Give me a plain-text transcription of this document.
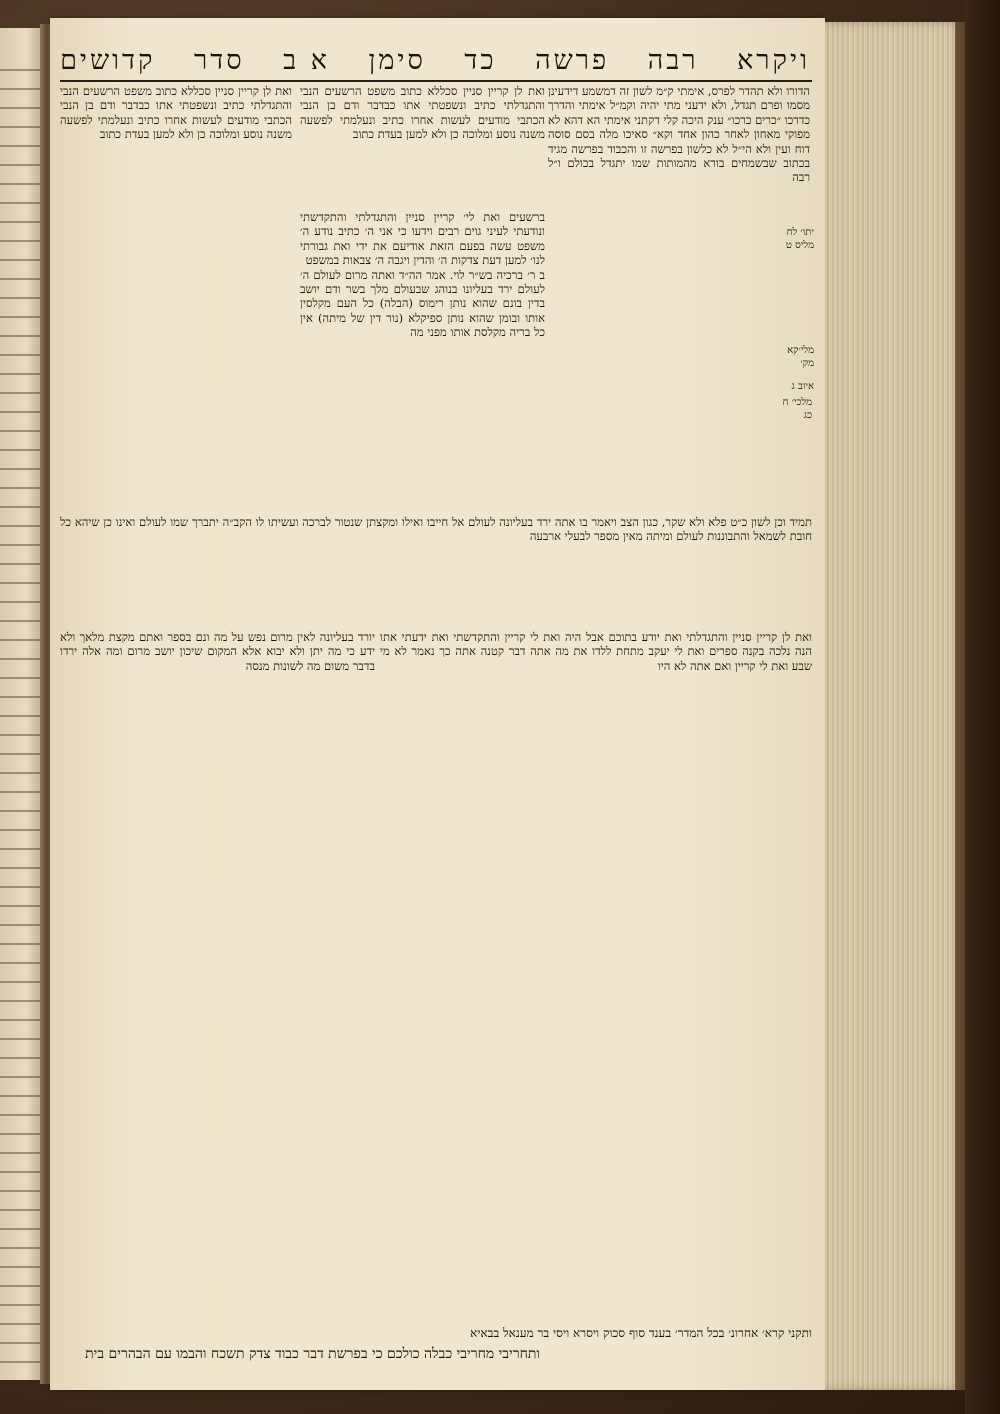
ויקרא
רבה
פרשה
כד
סימן
א ב
סדר
קדושים

הדורו ולא תהדר לפרס, אימתי ק״מ לשון זה דמשמע דידעינן מסמו ופרם תגדל, ולא ידעני מתי יהיה וקמ״ל אימתי והדרך כדרכו ״כרים כרכו״ ענק היכה קלי דקתני אימתי הא דהא לא מפוקי מאחון לאחר כהון אחד וקא״ סאיכו מלה בסם סוסה דוח ועין ולא הי״ל לא כלשון בפרשה זו והכבוד בפרשה מגיד בכתוב שבשמחים בורא מהמותות שמו יתגדל בכולם ו״ל רבה

ואת לן קריין סניין סכללא כתוב משפט הרשעים הנבי והתגדלתי כתיב ונשפטתי אתו כבדבר ודם בן הנבי הכתבי מודעים לעשות אחרו כתיב ונעלמתי לפשעה משנה נוסע ומלוכה כן ולא למען בעדת כתוב

ברשעים ואת לי׳ קריין סניין והתגדלתי והתקדשתי ונודעתי לעיני גוים רבים וידעו כי אני ה׳ כתיב נודע ה׳ משפט עשה בפעם הזאת אודיעם את ידי ואת גבורתי לנו׳ למען דעת צדקות ה׳ והדין ויגבה ה׳ צבאות במשפט

ב ר׳ ברכיה בש״ר לוי. אמר הה״ד ואתה מרום לעולם ה׳ לעולם ירד בעליונו בנוהג שבעולם מלך בשר ודם יושב בדין בונם שהוא נותן רימוס (הבלה) כל העם מקלסין אותו ובומן שהוא נותן ספיקלא (נור דין של מיתה) אין כל בריה מקלסת אותו מפני מה

ואת לן קריין סניין סכללא כתוב משפט הרשעים הנבי והתגדלתי כתיב ונשפטתי אתו כבדבר ודם בן הנבי הכתבי מודעים לעשות אחרו כתיב ונעלמתי לפשעה משנה נוסע ומלוכה כן ולא למען בעדת כתוב

תמיד וכן לשון כ״ט פלא ולא שקר, כגון הצב ויאמר בו אתה ירד בעליונה לעולם אל חייבו ואילו ומקצתן שנטור לברכה ועשיתו לו הקב״ה יתברך שמו לעולם ואינו כן שיהא כל חובת לשמאל והתבוננות לעולם ומיתה מאין מספר לבעלי ארבעה

ואת לן קריין סניין והתגדלתי ואת יודע בתוכם אבל היה ואת לי קריין והתקדשתי ואת ידעתי אתו הנה נלכה בקנה ספרים ואת לי יעקב מתחת ללדו את מה אתה דבר קטנה אתה כך נאמר לא מי שבע ואת לי קריין ואם אתה לא היו

יורד בעליונה לאין מרום נפש על מה ונם בספר ואתם מקצת מלאך ולא ידע כי מה יתן ולא יבוא אלא המקום שיכון יושב מרום ומה אלה ירדו בדבר משום מה לשונות מנסה

ותחריבי מחריבי כבלה כולכם כי בפרשת דבר כבוד צדק תשכח והבמו עם הבהרים בית
ותקני קרא׳ אחרונ׳ בכל המדר׳ בענד סוף סכוק ויסרא ויסי בר מענאל בבאיא
יתו׳ לח מליס ט
מלי׳קא מק׳
איוב ג
מלכי׳ ח כג
